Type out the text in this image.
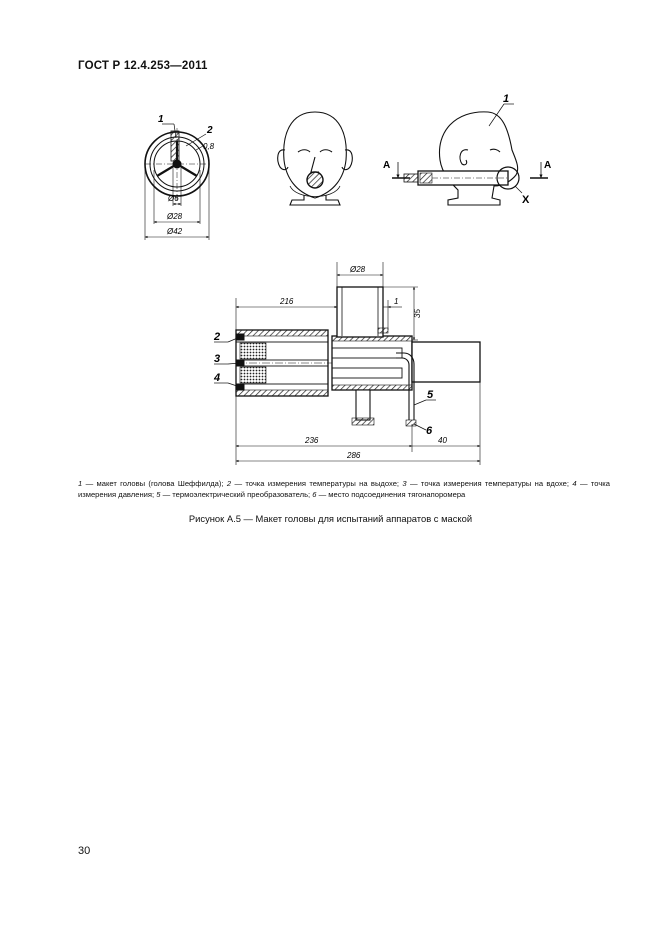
ГОСТ Р 12.4.253—2011
1
2
0,8
Ø6
Ø28
Ø42
1
А	А
X
Ø28
216	1
35
236	40
286
2
3
4
5
6
1 — макет головы (голова Шеффилда); 2 — точка измерения температуры на выдохе; 3 — точка измерения температуры на вдохе; 4 — точка измерения давления; 5 — термоэлектрический преобразователь; 6 — место подсоединения тягонапоромера
Рисунок А.5 — Макет головы для испытаний аппаратов с маской
30
